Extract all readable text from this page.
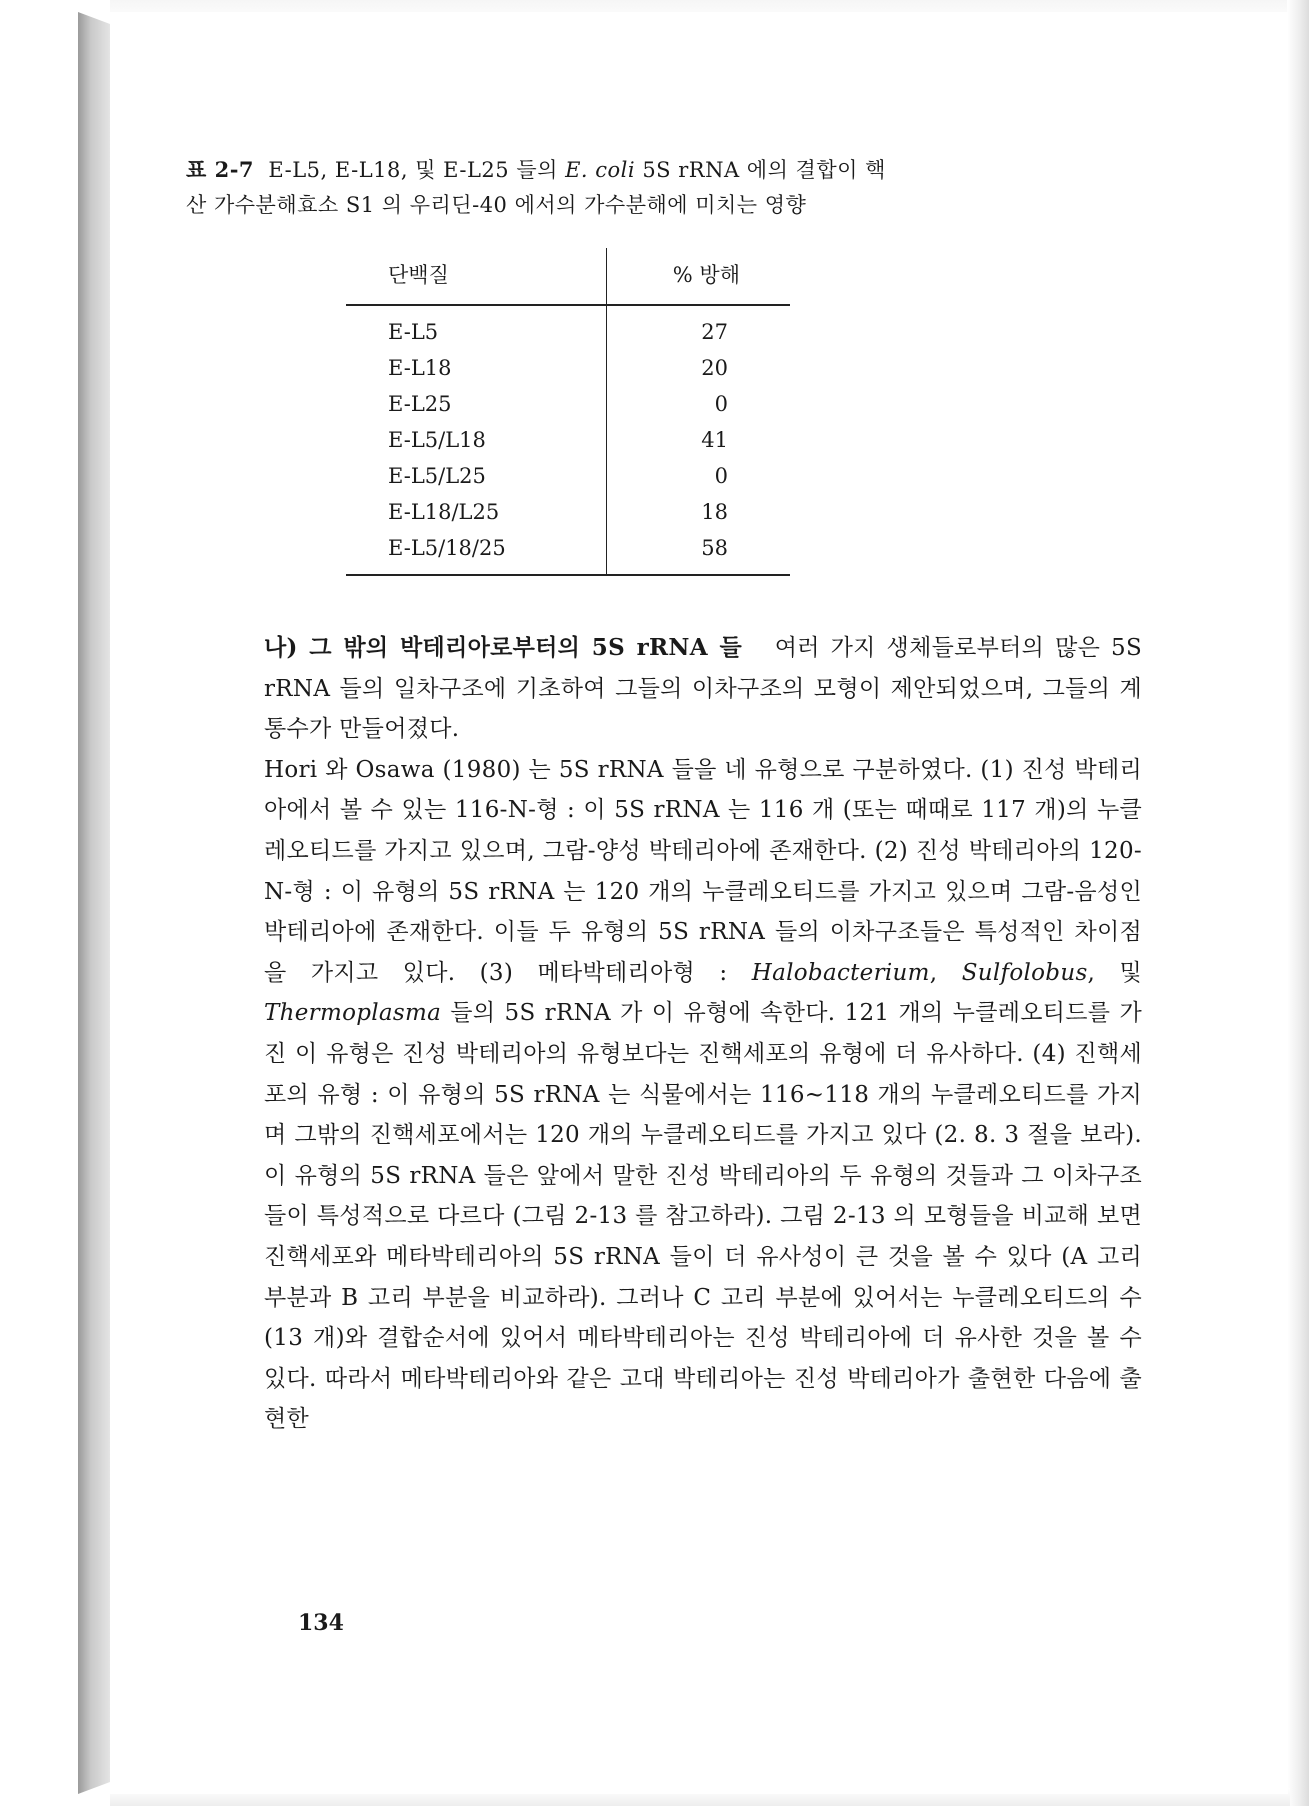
표 2-7 E-L5, E-L18, 및 E-L25 들의 E. coli 5S rRNA 에의 결합이 핵
산 가수분해효소 S1 의 우리딘-40 에서의 가수분해에 미치는 영향
단백질	% 방해
E-L5	27
E-L18	20
E-L25	0
E-L5/L18	41
E-L5/L25	0
E-L18/L25	18
E-L5/18/25	58

나) 그 밖의 박테리아로부터의 5S rRNA 들 여러 가지 생체들로부터의 많은 5S rRNA 들의 일차구조에 기초하여 그들의 이차구조의 모형이 제안되었으며, 그들의 계통수가 만들어졌다.

Hori 와 Osawa (1980) 는 5S rRNA 들을 네 유형으로 구분하였다. (1) 진성 박테리아에서 볼 수 있는 116-N-형 : 이 5S rRNA 는 116 개 (또는 때때로 117 개)의 누클레오티드를 가지고 있으며, 그람-양성 박테리아에 존재한다. (2) 진성 박테리아의 120-N-형 : 이 유형의 5S rRNA 는 120 개의 누클레오티드를 가지고 있으며 그람-음성인 박테리아에 존재한다. 이들 두 유형의 5S rRNA 들의 이차구조들은 특성적인 차이점을 가지고 있다. (3) 메타박테리아형 : Halobacterium, Sulfolobus, 및 Thermoplasma 들의 5S rRNA 가 이 유형에 속한다. 121 개의 누클레오티드를 가진 이 유형은 진성 박테리아의 유형보다는 진핵세포의 유형에 더 유사하다. (4) 진핵세포의 유형 : 이 유형의 5S rRNA 는 식물에서는 116~118 개의 누클레오티드를 가지며 그밖의 진핵세포에서는 120 개의 누클레오티드를 가지고 있다 (2. 8. 3 절을 보라). 이 유형의 5S rRNA 들은 앞에서 말한 진성 박테리아의 두 유형의 것들과 그 이차구조들이 특성적으로 다르다 (그림 2-13 를 참고하라). 그림 2-13 의 모형들을 비교해 보면 진핵세포와 메타박테리아의 5S rRNA 들이 더 유사성이 큰 것을 볼 수 있다 (A 고리 부분과 B 고리 부분을 비교하라). 그러나 C 고리 부분에 있어서는 누클레오티드의 수 (13 개)와 결합순서에 있어서 메타박테리아는 진성 박테리아에 더 유사한 것을 볼 수 있다. 따라서 메타박테리아와 같은 고대 박테리아는 진성 박테리아가 출현한 다음에 출현한

134
